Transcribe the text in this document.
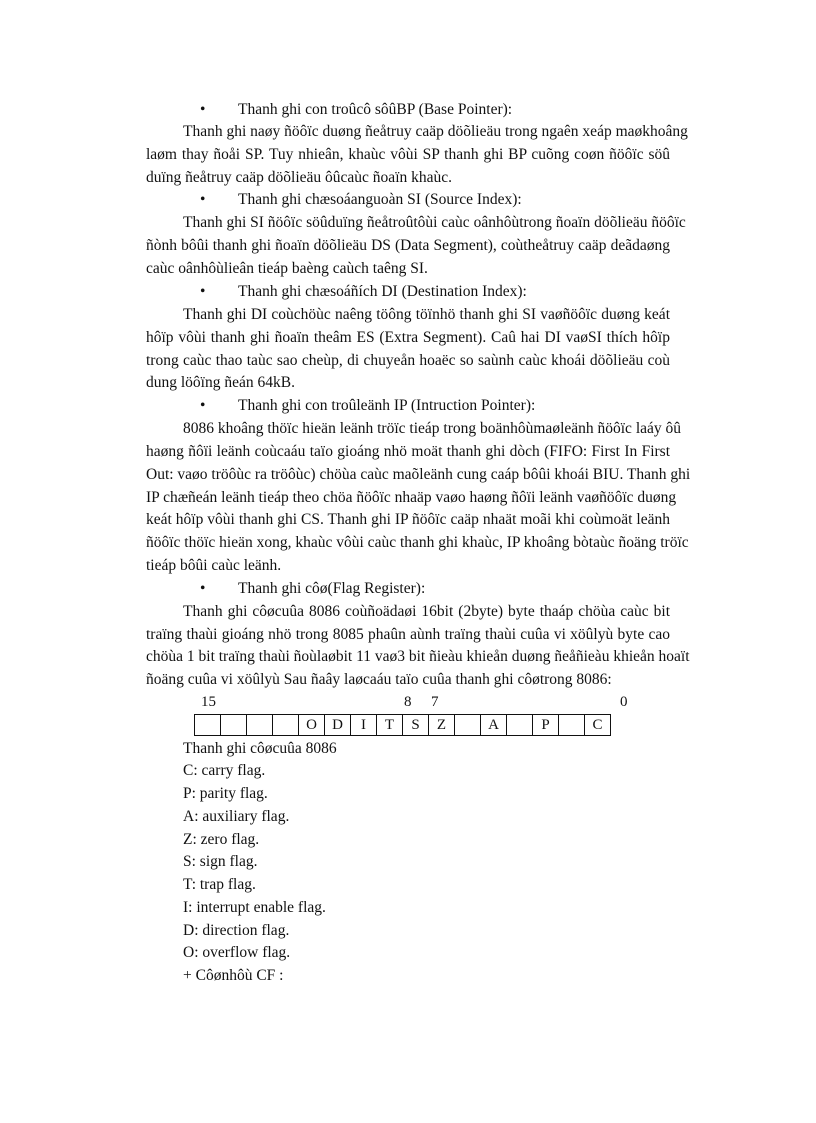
• Thanh ghi con troûcô sôûBP (Base Pointer):
Thanh ghi naøy ñöôïc duøng ñeåtruy caäp döõlieäu trong ngaên xeáp maøkhoâng
laøm thay ñoåi SP. Tuy nhieân, khaùc vôùi SP thanh ghi BP cuõng coøn ñöôïc söû
duïng ñeåtruy caäp döõlieäu ôûcaùc ñoaïn khaùc.
• Thanh ghi chæsoáanguoàn SI (Source Index):
Thanh ghi SI ñöôïc söûduïng ñeåtroûtôùi caùc oânhôùtrong ñoaïn döõlieäu ñöôïc
ñònh bôûi thanh ghi ñoaïn döõlieäu DS (Data Segment), coùtheåtruy caäp deãdaøng
caùc oânhôùlieân tieáp baèng caùch taêng SI.
• Thanh ghi chæsoáñích DI (Destination Index):
Thanh ghi DI coùchöùc naêng töông töïnhö thanh ghi SI vaøñöôïc duøng keát
hôïp vôùi thanh ghi ñoaïn theâm ES (Extra Segment). Caû hai DI vaøSI thích hôïp
trong caùc thao taùc sao cheùp, di chuyeån hoaëc so saùnh caùc khoái döõlieäu coù
dung löôïng ñeán 64kB.
• Thanh ghi con troûleänh IP (Intruction Pointer):
8086 khoâng thöïc hieän leänh tröïc tieáp trong boänhôùmaøleänh ñöôïc laáy ôû
haøng ñôïi leänh coùcaáu taïo gioáng nhö moät thanh ghi dòch (FIFO: First In First
Out: vaøo tröôùc ra tröôùc) chöùa caùc maõleänh cung caáp bôûi khoái BIU. Thanh ghi
IP chæñeán leänh tieáp theo chöa ñöôïc nhaäp vaøo haøng ñôïi leänh vaøñöôïc duøng
keát hôïp vôùi thanh ghi CS. Thanh ghi IP ñöôïc caäp nhaät moãi khi coùmoät leänh
ñöôïc thöïc hieän xong, khaùc vôùi caùc thanh ghi khaùc, IP khoâng bòtaùc ñoäng tröïc
tieáp bôûi caùc leänh.
• Thanh ghi côø(Flag Register):
Thanh ghi côøcuûa 8086 coùñoädaøi 16bit (2byte) byte thaáp chöùa caùc bit
traïng thaùi gioáng nhö trong 8085 phaûn aùnh traïng thaùi cuûa vi xöûlyù byte cao
chöùa 1 bit traïng thaùi ñoùlaøbit 11 vaø3 bit ñieàu khieån duøng ñeåñieàu khieån hoaït
ñoäng cuûa vi xöûlyù Sau ñaây laøcaáu taïo cuûa thanh ghi côøtrong 8086:
15	8 7	0
				O	D	I	T	S	Z		A		P		C
Thanh ghi côøcuûa 8086
C: carry flag.
P: parity flag.
A: auxiliary flag.
Z: zero flag.
S: sign flag.
T: trap flag.
I: interrupt enable flag.
D: direction flag.
O: overflow flag.
+ Côønhôù CF :
